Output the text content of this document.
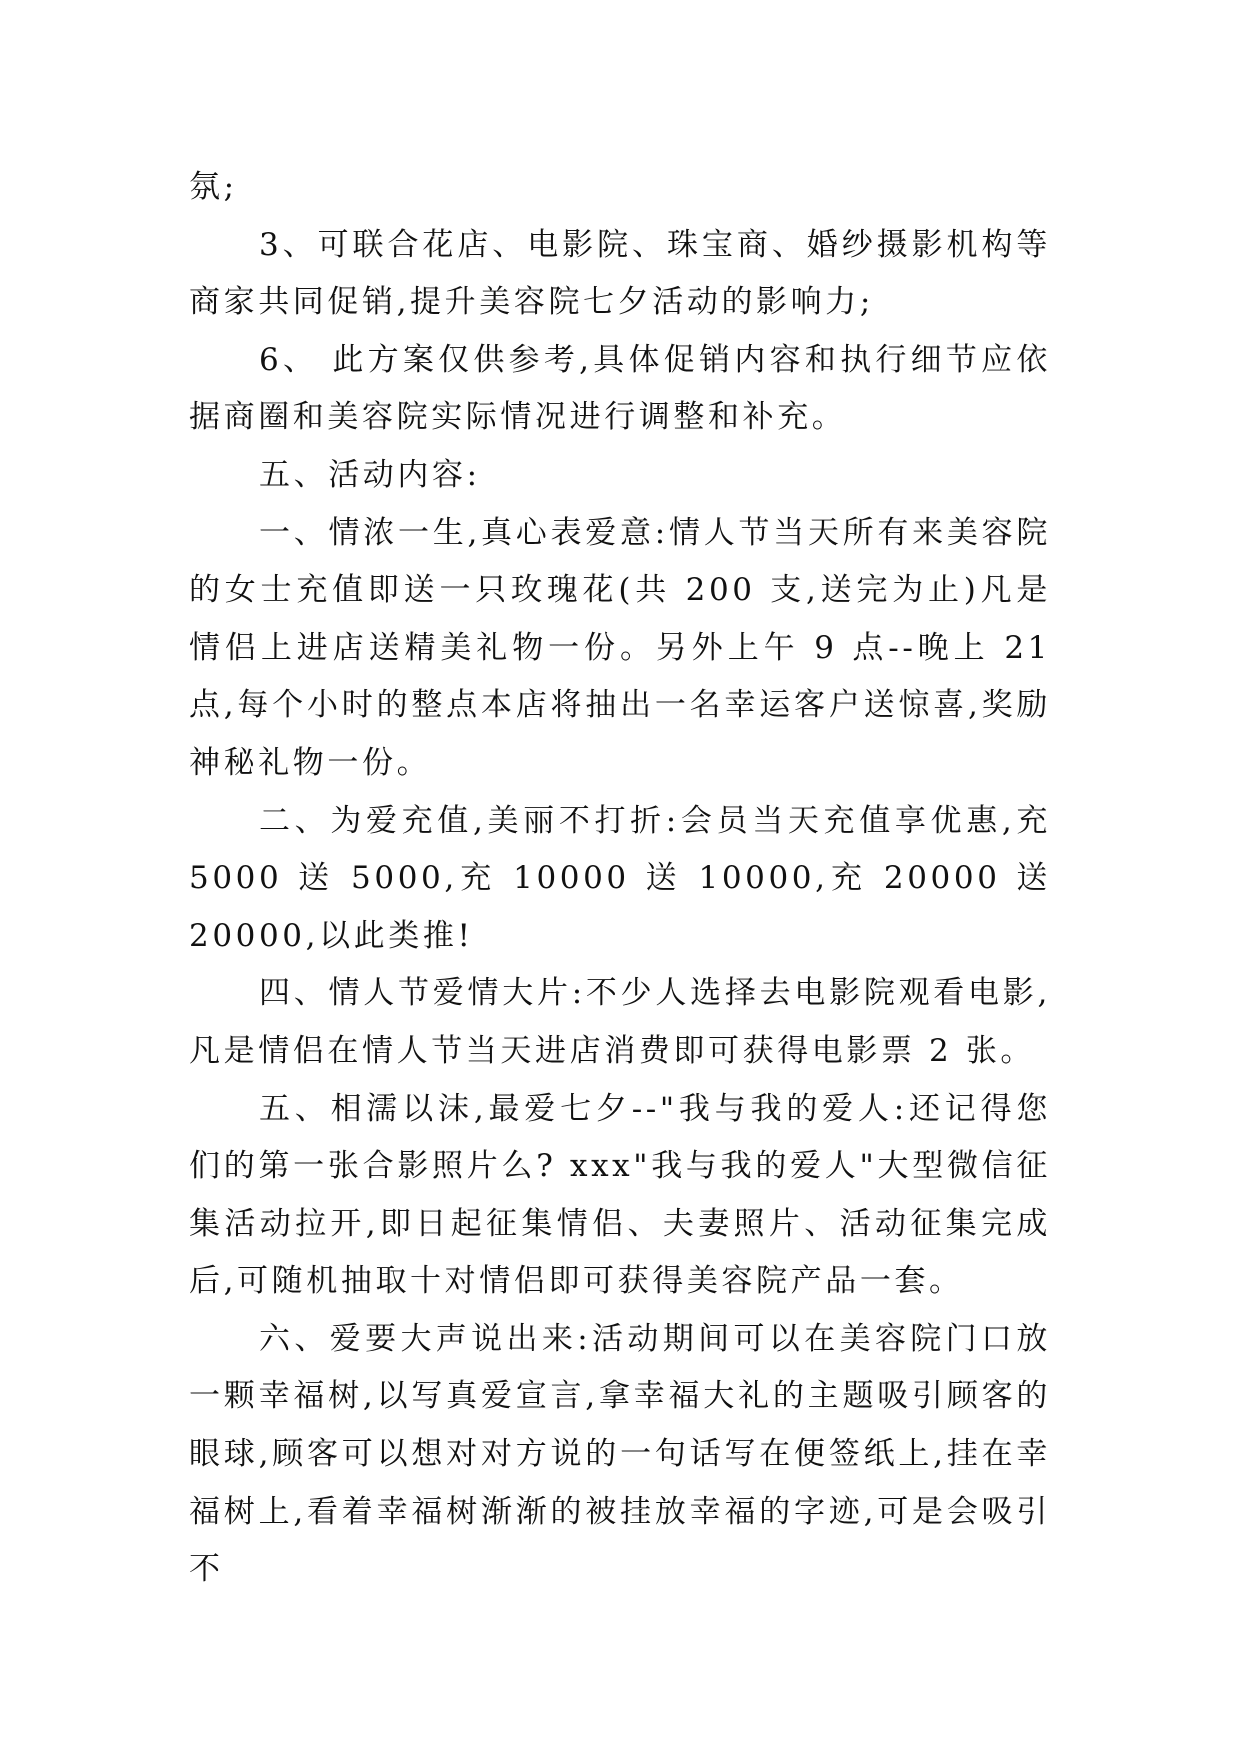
氛;

3、可联合花店、电影院、珠宝商、婚纱摄影机构等商家共同促销,提升美容院七夕活动的影响力;

6、 此方案仅供参考,具体促销内容和执行细节应依据商圈和美容院实际情况进行调整和补充。

五、活动内容:

一、情浓一生,真心表爱意:情人节当天所有来美容院的女士充值即送一只玫瑰花(共 200 支,送完为止)凡是情侣上进店送精美礼物一份。另外上午 9 点--晚上 21 点,每个小时的整点本店将抽出一名幸运客户送惊喜,奖励神秘礼物一份。

二、为爱充值,美丽不打折:会员当天充值享优惠,充 5000 送 5000,充 10000 送 10000,充 20000 送 20000,以此类推!

四、情人节爱情大片:不少人选择去电影院观看电影,凡是情侣在情人节当天进店消费即可获得电影票 2 张。

五、相濡以沫,最爱七夕--"我与我的爱人:还记得您们的第一张合影照片么? xxx"我与我的爱人"大型微信征集活动拉开,即日起征集情侣、夫妻照片、活动征集完成后,可随机抽取十对情侣即可获得美容院产品一套。

六、爱要大声说出来:活动期间可以在美容院门口放一颗幸福树,以写真爱宣言,拿幸福大礼的主题吸引顾客的眼球,顾客可以想对对方说的一句话写在便签纸上,挂在幸福树上,看着幸福树渐渐的被挂放幸福的字迹,可是会吸引不
